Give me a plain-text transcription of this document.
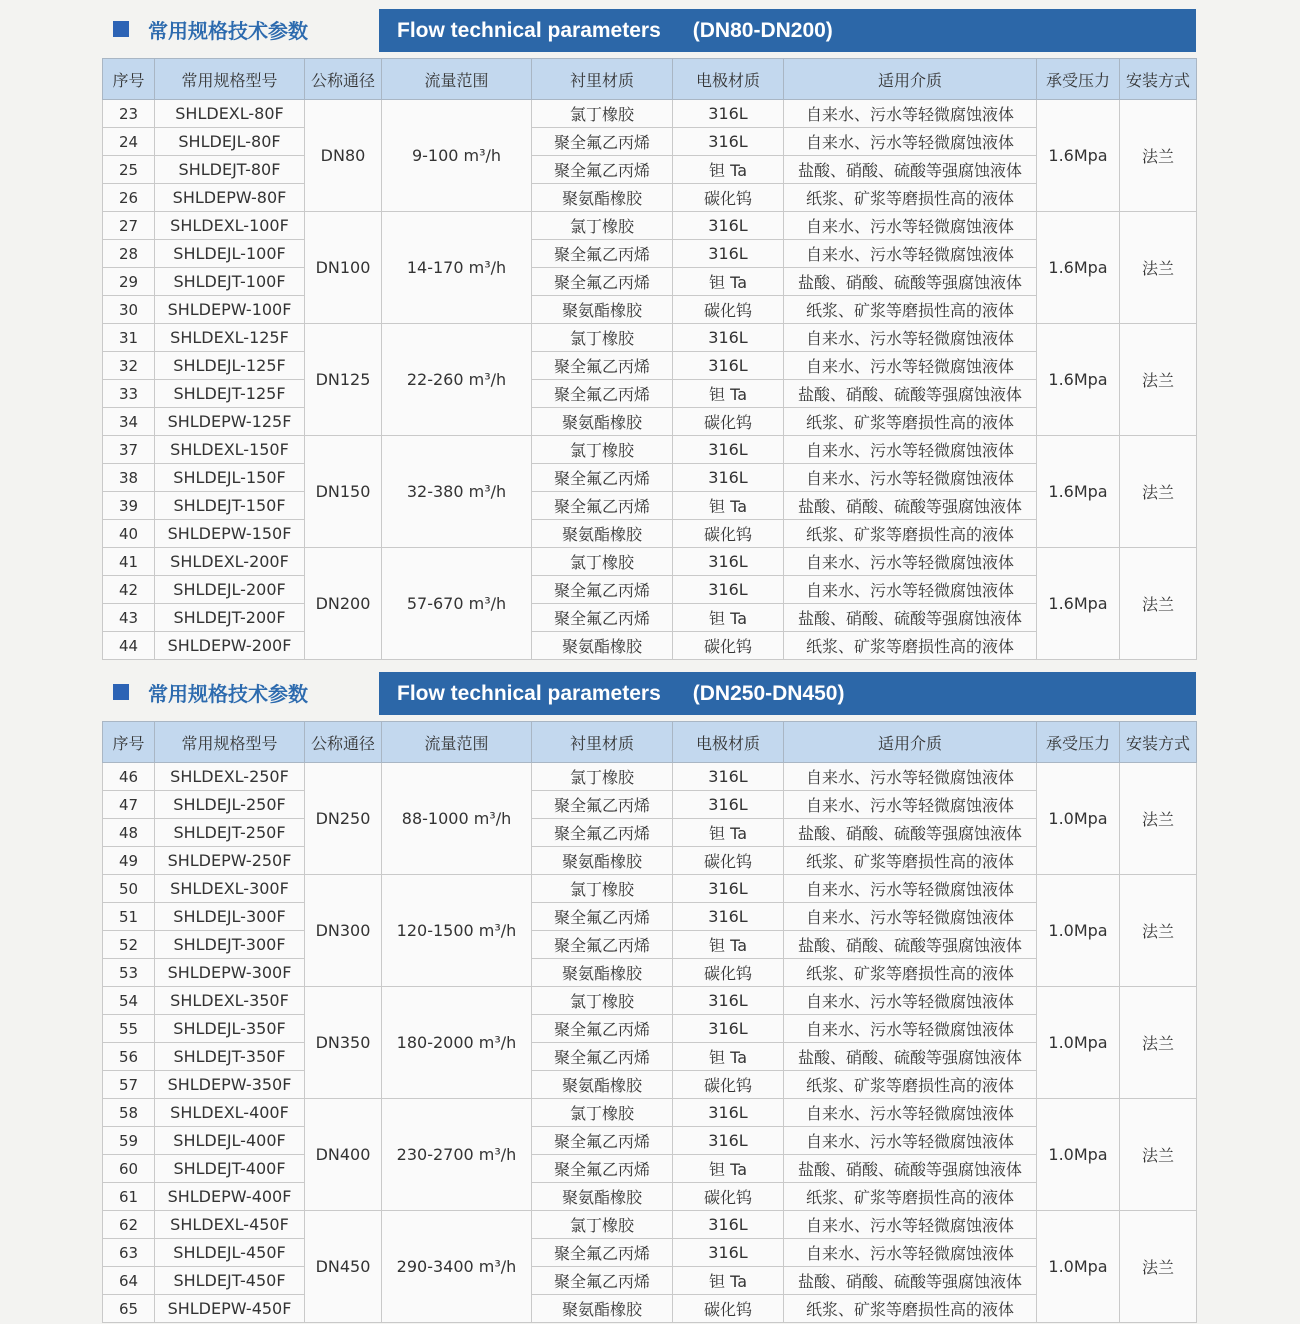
常用规格技术参数	Flow technical parameters (DN80-DN200)
序号	常用规格型号	公称通径	流量范围	衬里材质	电极材质	适用介质	承受压力	安装方式
23	SHLDEXL-80F	DN80	9-100 m³/h	氯丁橡胶	316L	自来水、污水等轻微腐蚀液体	1.6Mpa	法兰
24	SHLDEJL-80F			聚全氟乙丙烯	316L	自来水、污水等轻微腐蚀液体		
25	SHLDEJT-80F			聚全氟乙丙烯	钽 Ta	盐酸、硝酸、硫酸等强腐蚀液体		
26	SHLDEPW-80F			聚氨酯橡胶	碳化钨	纸浆、矿浆等磨损性高的液体		
27	SHLDEXL-100F	DN100	14-170 m³/h	氯丁橡胶	316L	自来水、污水等轻微腐蚀液体	1.6Mpa	法兰
28	SHLDEJL-100F			聚全氟乙丙烯	316L	自来水、污水等轻微腐蚀液体		
29	SHLDEJT-100F			聚全氟乙丙烯	钽 Ta	盐酸、硝酸、硫酸等强腐蚀液体		
30	SHLDEPW-100F			聚氨酯橡胶	碳化钨	纸浆、矿浆等磨损性高的液体		
31	SHLDEXL-125F	DN125	22-260 m³/h	氯丁橡胶	316L	自来水、污水等轻微腐蚀液体	1.6Mpa	法兰
32	SHLDEJL-125F			聚全氟乙丙烯	316L	自来水、污水等轻微腐蚀液体		
33	SHLDEJT-125F			聚全氟乙丙烯	钽 Ta	盐酸、硝酸、硫酸等强腐蚀液体		
34	SHLDEPW-125F			聚氨酯橡胶	碳化钨	纸浆、矿浆等磨损性高的液体		
37	SHLDEXL-150F	DN150	32-380 m³/h	氯丁橡胶	316L	自来水、污水等轻微腐蚀液体	1.6Mpa	法兰
38	SHLDEJL-150F			聚全氟乙丙烯	316L	自来水、污水等轻微腐蚀液体		
39	SHLDEJT-150F			聚全氟乙丙烯	钽 Ta	盐酸、硝酸、硫酸等强腐蚀液体		
40	SHLDEPW-150F			聚氨酯橡胶	碳化钨	纸浆、矿浆等磨损性高的液体		
41	SHLDEXL-200F	DN200	57-670 m³/h	氯丁橡胶	316L	自来水、污水等轻微腐蚀液体	1.6Mpa	法兰
42	SHLDEJL-200F			聚全氟乙丙烯	316L	自来水、污水等轻微腐蚀液体		
43	SHLDEJT-200F			聚全氟乙丙烯	钽 Ta	盐酸、硝酸、硫酸等强腐蚀液体		
44	SHLDEPW-200F			聚氨酯橡胶	碳化钨	纸浆、矿浆等磨损性高的液体		
常用规格技术参数	Flow technical parameters (DN250-DN450)
序号	常用规格型号	公称通径	流量范围	衬里材质	电极材质	适用介质	承受压力	安装方式
46	SHLDEXL-250F	DN250	88-1000 m³/h	氯丁橡胶	316L	自来水、污水等轻微腐蚀液体	1.0Mpa	法兰
47	SHLDEJL-250F			聚全氟乙丙烯	316L	自来水、污水等轻微腐蚀液体		
48	SHLDEJT-250F			聚全氟乙丙烯	钽 Ta	盐酸、硝酸、硫酸等强腐蚀液体		
49	SHLDEPW-250F			聚氨酯橡胶	碳化钨	纸浆、矿浆等磨损性高的液体		
50	SHLDEXL-300F	DN300	120-1500 m³/h	氯丁橡胶	316L	自来水、污水等轻微腐蚀液体	1.0Mpa	法兰
51	SHLDEJL-300F			聚全氟乙丙烯	316L	自来水、污水等轻微腐蚀液体		
52	SHLDEJT-300F			聚全氟乙丙烯	钽 Ta	盐酸、硝酸、硫酸等强腐蚀液体		
53	SHLDEPW-300F			聚氨酯橡胶	碳化钨	纸浆、矿浆等磨损性高的液体		
54	SHLDEXL-350F	DN350	180-2000 m³/h	氯丁橡胶	316L	自来水、污水等轻微腐蚀液体	1.0Mpa	法兰
55	SHLDEJL-350F			聚全氟乙丙烯	316L	自来水、污水等轻微腐蚀液体		
56	SHLDEJT-350F			聚全氟乙丙烯	钽 Ta	盐酸、硝酸、硫酸等强腐蚀液体		
57	SHLDEPW-350F			聚氨酯橡胶	碳化钨	纸浆、矿浆等磨损性高的液体		
58	SHLDEXL-400F	DN400	230-2700 m³/h	氯丁橡胶	316L	自来水、污水等轻微腐蚀液体	1.0Mpa	法兰
59	SHLDEJL-400F			聚全氟乙丙烯	316L	自来水、污水等轻微腐蚀液体		
60	SHLDEJT-400F			聚全氟乙丙烯	钽 Ta	盐酸、硝酸、硫酸等强腐蚀液体		
61	SHLDEPW-400F			聚氨酯橡胶	碳化钨	纸浆、矿浆等磨损性高的液体		
62	SHLDEXL-450F	DN450	290-3400 m³/h	氯丁橡胶	316L	自来水、污水等轻微腐蚀液体	1.0Mpa	法兰
63	SHLDEJL-450F			聚全氟乙丙烯	316L	自来水、污水等轻微腐蚀液体		
64	SHLDEJT-450F			聚全氟乙丙烯	钽 Ta	盐酸、硝酸、硫酸等强腐蚀液体		
65	SHLDEPW-450F			聚氨酯橡胶	碳化钨	纸浆、矿浆等磨损性高的液体		
